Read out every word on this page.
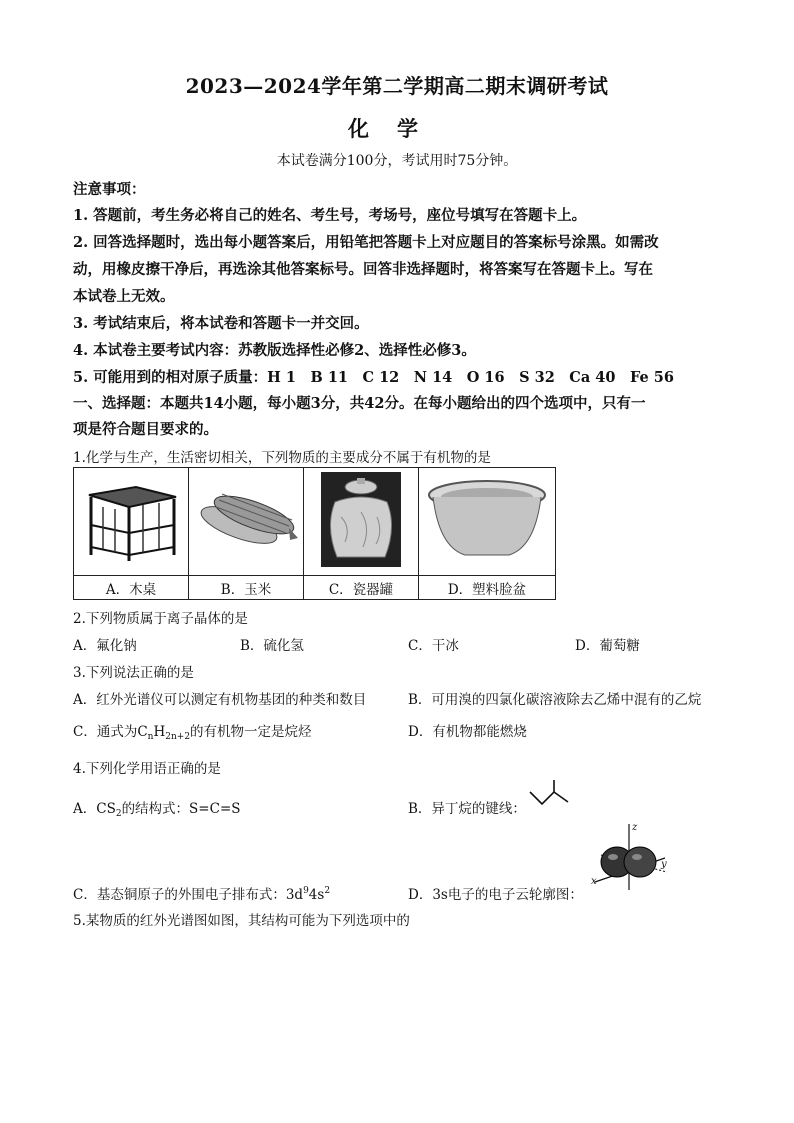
2023—2024学年第二学期高二期末调研考试
化学
本试卷满分100分，考试用时75分钟。
注意事项：
1. 答题前，考生务必将自己的姓名、考生号，考场号，座位号填写在答题卡上。
2. 回答选择题时，选出每小题答案后，用铅笔把答题卡上对应题目的答案标号涂黑。如需改
动，用橡皮擦干净后，再选涂其他答案标号。回答非选择题时，将答案写在答题卡上。写在
本试卷上无效。
3. 考试结束后，将本试卷和答题卡一并交回。
4. 本试卷主要考试内容：苏教版选择性必修2、选择性必修3。
5. 可能用到的相对原子质量：H 1　B 11　C 12　N 14　O 16　S 32　Ca 40　Fe 56
一、选择题：本题共14小题，每小题3分，共42分。在每小题给出的四个选项中，只有一
项是符合题目要求的。
1.化学与生产，生活密切相关，下列物质的主要成分不属于有机物的是

A．木桌	B．玉米	C．瓷器罐	D．塑料脸盆
2.下列物质属于离子晶体的是
A．氟化钠	B．硫化氢	C．干冰	D．葡萄糖
3.下列说法正确的是
A．红外光谱仪可以测定有机物基团的种类和数目	B．可用溴的四氯化碳溶液除去乙烯中混有的乙烷
C．通式为$C_nH_{2n+2}$的有机物一定是烷烃	D．有机物都能燃烧
4.下列化学用语正确的是
A．$CS_2$的结构式：S=C=S	B．异丁烷的键线：
C．基态铜原子的外围电子排布式：$3d^94s^2$	D．3s电子的电子云轮廓图：
z
y
x
5.某物质的红外光谱图如图，其结构可能为下列选项中的
